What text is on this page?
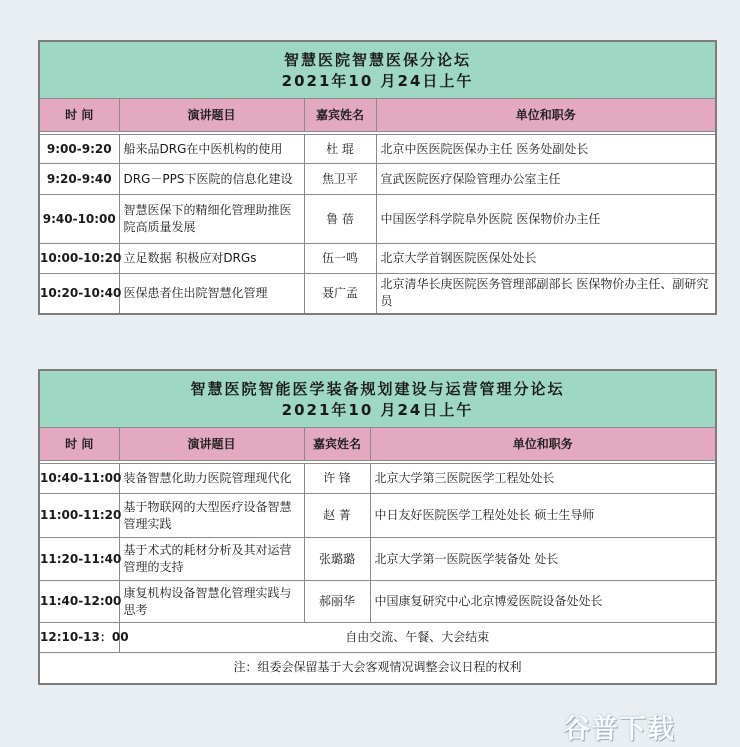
智慧医院智慧医保分论坛
2021年10 月24日上午			

时 间	演讲题目	嘉宾姓名	单位和职务

9:00-9:20	船来品DRG在中医机构的使用	杜 琨	北京中医医院医保办主任 医务处副处长
9:20-9:40	DRG－PPS下医院的信息化建设	焦卫平	宣武医院医疗保险管理办公室主任
9:40-10:00	智慧医保下的精细化管理助推医院高质量发展	鲁 蓓	中国医学科学院阜外医院 医保物价办主任
10:00-10:20	立足数据 积极应对DRGs	伍一鸣	北京大学首钢医院医保处处长
10:20-10:40	医保患者住出院智慧化管理	聂广孟	北京清华长庚医院医务管理部副部长 医保物价办主任、副研究员
智慧医院智能医学装备规划建设与运营管理分论坛
2021年10 月24日上午			

时 间	演讲题目	嘉宾姓名	单位和职务

10:40-11:00	装备智慧化助力医院管理现代化	许 锋	北京大学第三医院医学工程处处长
11:00-11:20	基于物联网的大型医疗设备智慧管理实践	赵 菁	中日友好医院医学工程处处长 硕士生导师
11:20-11:40	基于术式的耗材分析及其对运营管理的支持	张璐璐	北京大学第一医院医学装备处 处长
11:40-12:00	康复机构设备智慧化管理实践与思考	郝丽华	中国康复研究中心北京博爱医院设备处处长
12:10-13：00	自由交流、午餐、大会结束		
注：组委会保留基于大会客观情况调整会议日程的权利			
谷普下载
